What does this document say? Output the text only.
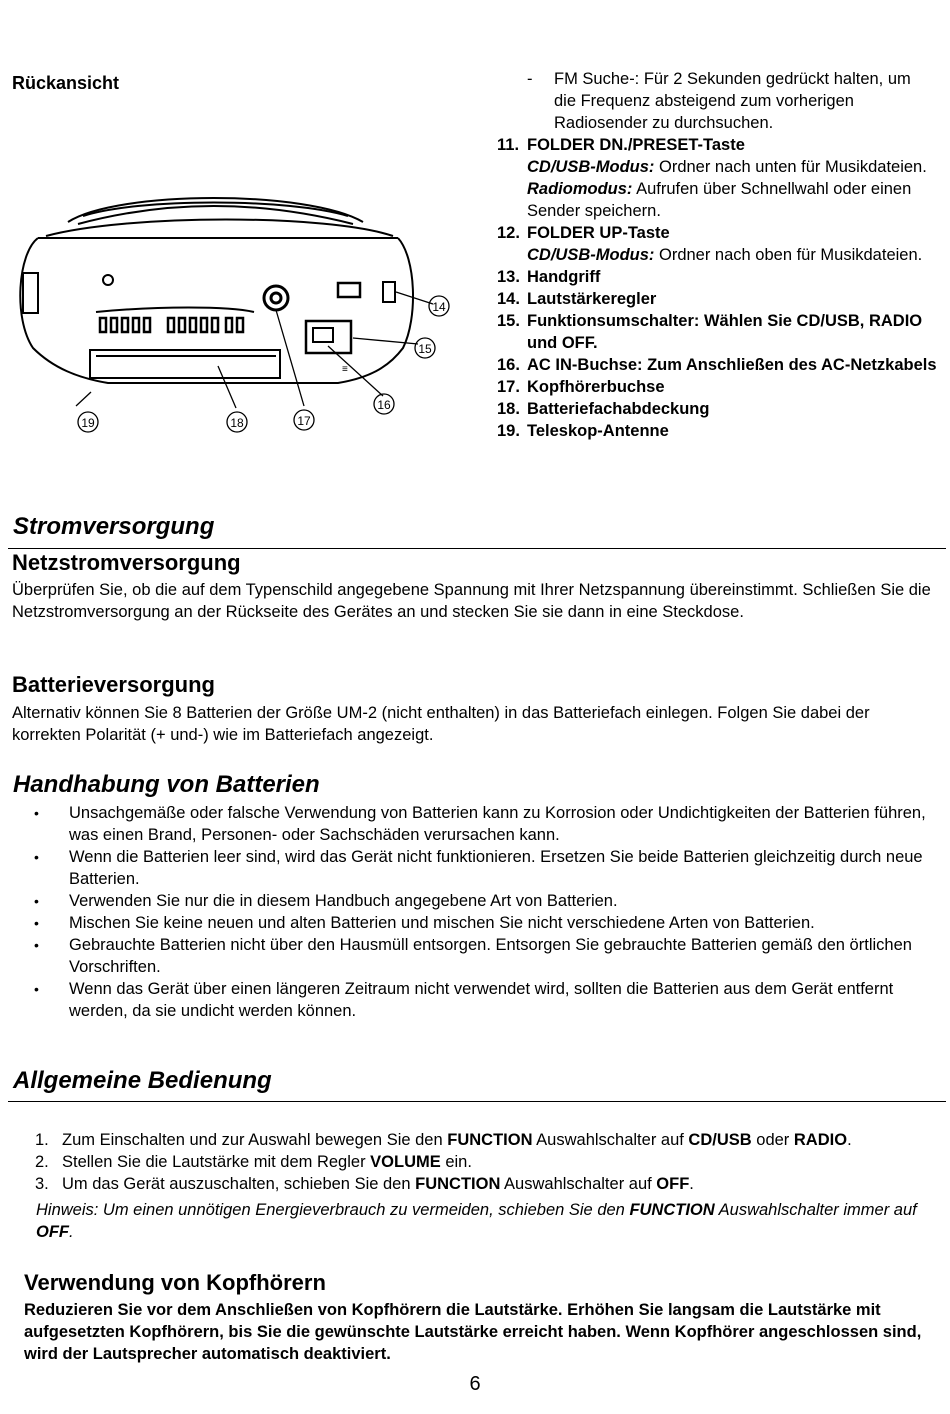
Rückansicht
19	18	17
16
15
14
≡
-	FM Suche-: Für 2 Sekunden gedrückt halten, um die Frequenz absteigend zum vorherigen Radiosender zu durchsuchen.
11. FOLDER DN./PRESET-Taste
CD/USB-Modus: Ordner nach unten für Musikdateien.
Radiomodus: Aufrufen über Schnellwahl oder einen Sender speichern.
12. FOLDER UP-Taste
CD/USB-Modus: Ordner nach oben für Musikdateien.
13. Handgriff
14. Lautstärkeregler
15. Funktionsumschalter: Wählen Sie CD/USB, RADIO und OFF.
16. AC IN-Buchse: Zum Anschließen des AC-Netzkabels
17. Kopfhörerbuchse
18. Batteriefachabdeckung
19. Teleskop-Antenne
Stromversorgung
Netzstromversorgung

Überprüfen Sie, ob die auf dem Typenschild angegebene Spannung mit Ihrer Netzspannung übereinstimmt. Schließen Sie die Netzstromversorgung an der Rückseite des Gerätes an und stecken Sie sie dann in eine Steckdose.

Batterieversorgung

Alternativ können Sie 8 Batterien der Größe UM-2 (nicht enthalten) in das Batteriefach einlegen. Folgen Sie dabei der korrekten Polarität (+ und-) wie im Batteriefach angezeigt.

Handhabung von Batterien
• Unsachgemäße oder falsche Verwendung von Batterien kann zu Korrosion oder Undichtigkeiten der Batterien führen, was einen Brand, Personen- oder Sachschäden verursachen kann.
• Wenn die Batterien leer sind, wird das Gerät nicht funktionieren. Ersetzen Sie beide Batterien gleichzeitig durch neue Batterien.
• Verwenden Sie nur die in diesem Handbuch angegebene Art von Batterien.
• Mischen Sie keine neuen und alten Batterien und mischen Sie nicht verschiedene Arten von Batterien.
• Gebrauchte Batterien nicht über den Hausmüll entsorgen. Entsorgen Sie gebrauchte Batterien gemäß den örtlichen Vorschriften.
• Wenn das Gerät über einen längeren Zeitraum nicht verwendet wird, sollten die Batterien aus dem Gerät entfernt werden, da sie undicht werden können.
Allgemeine Bedienung
1. Zum Einschalten und zur Auswahl bewegen Sie den FUNCTION Auswahlschalter auf CD/USB oder RADIO.
2. Stellen Sie die Lautstärke mit dem Regler VOLUME ein.
3. Um das Gerät auszuschalten, schieben Sie den FUNCTION Auswahlschalter auf OFF.

Hinweis: Um einen unnötigen Energieverbrauch zu vermeiden, schieben Sie den FUNCTION Auswahlschalter immer auf OFF.

Verwendung von Kopfhörern

Reduzieren Sie vor dem Anschließen von Kopfhörern die Lautstärke. Erhöhen Sie langsam die Lautstärke mit aufgesetzten Kopfhörern, bis Sie die gewünschte Lautstärke erreicht haben. Wenn Kopfhörer angeschlossen sind, wird der Lautsprecher automatisch deaktiviert.

6
